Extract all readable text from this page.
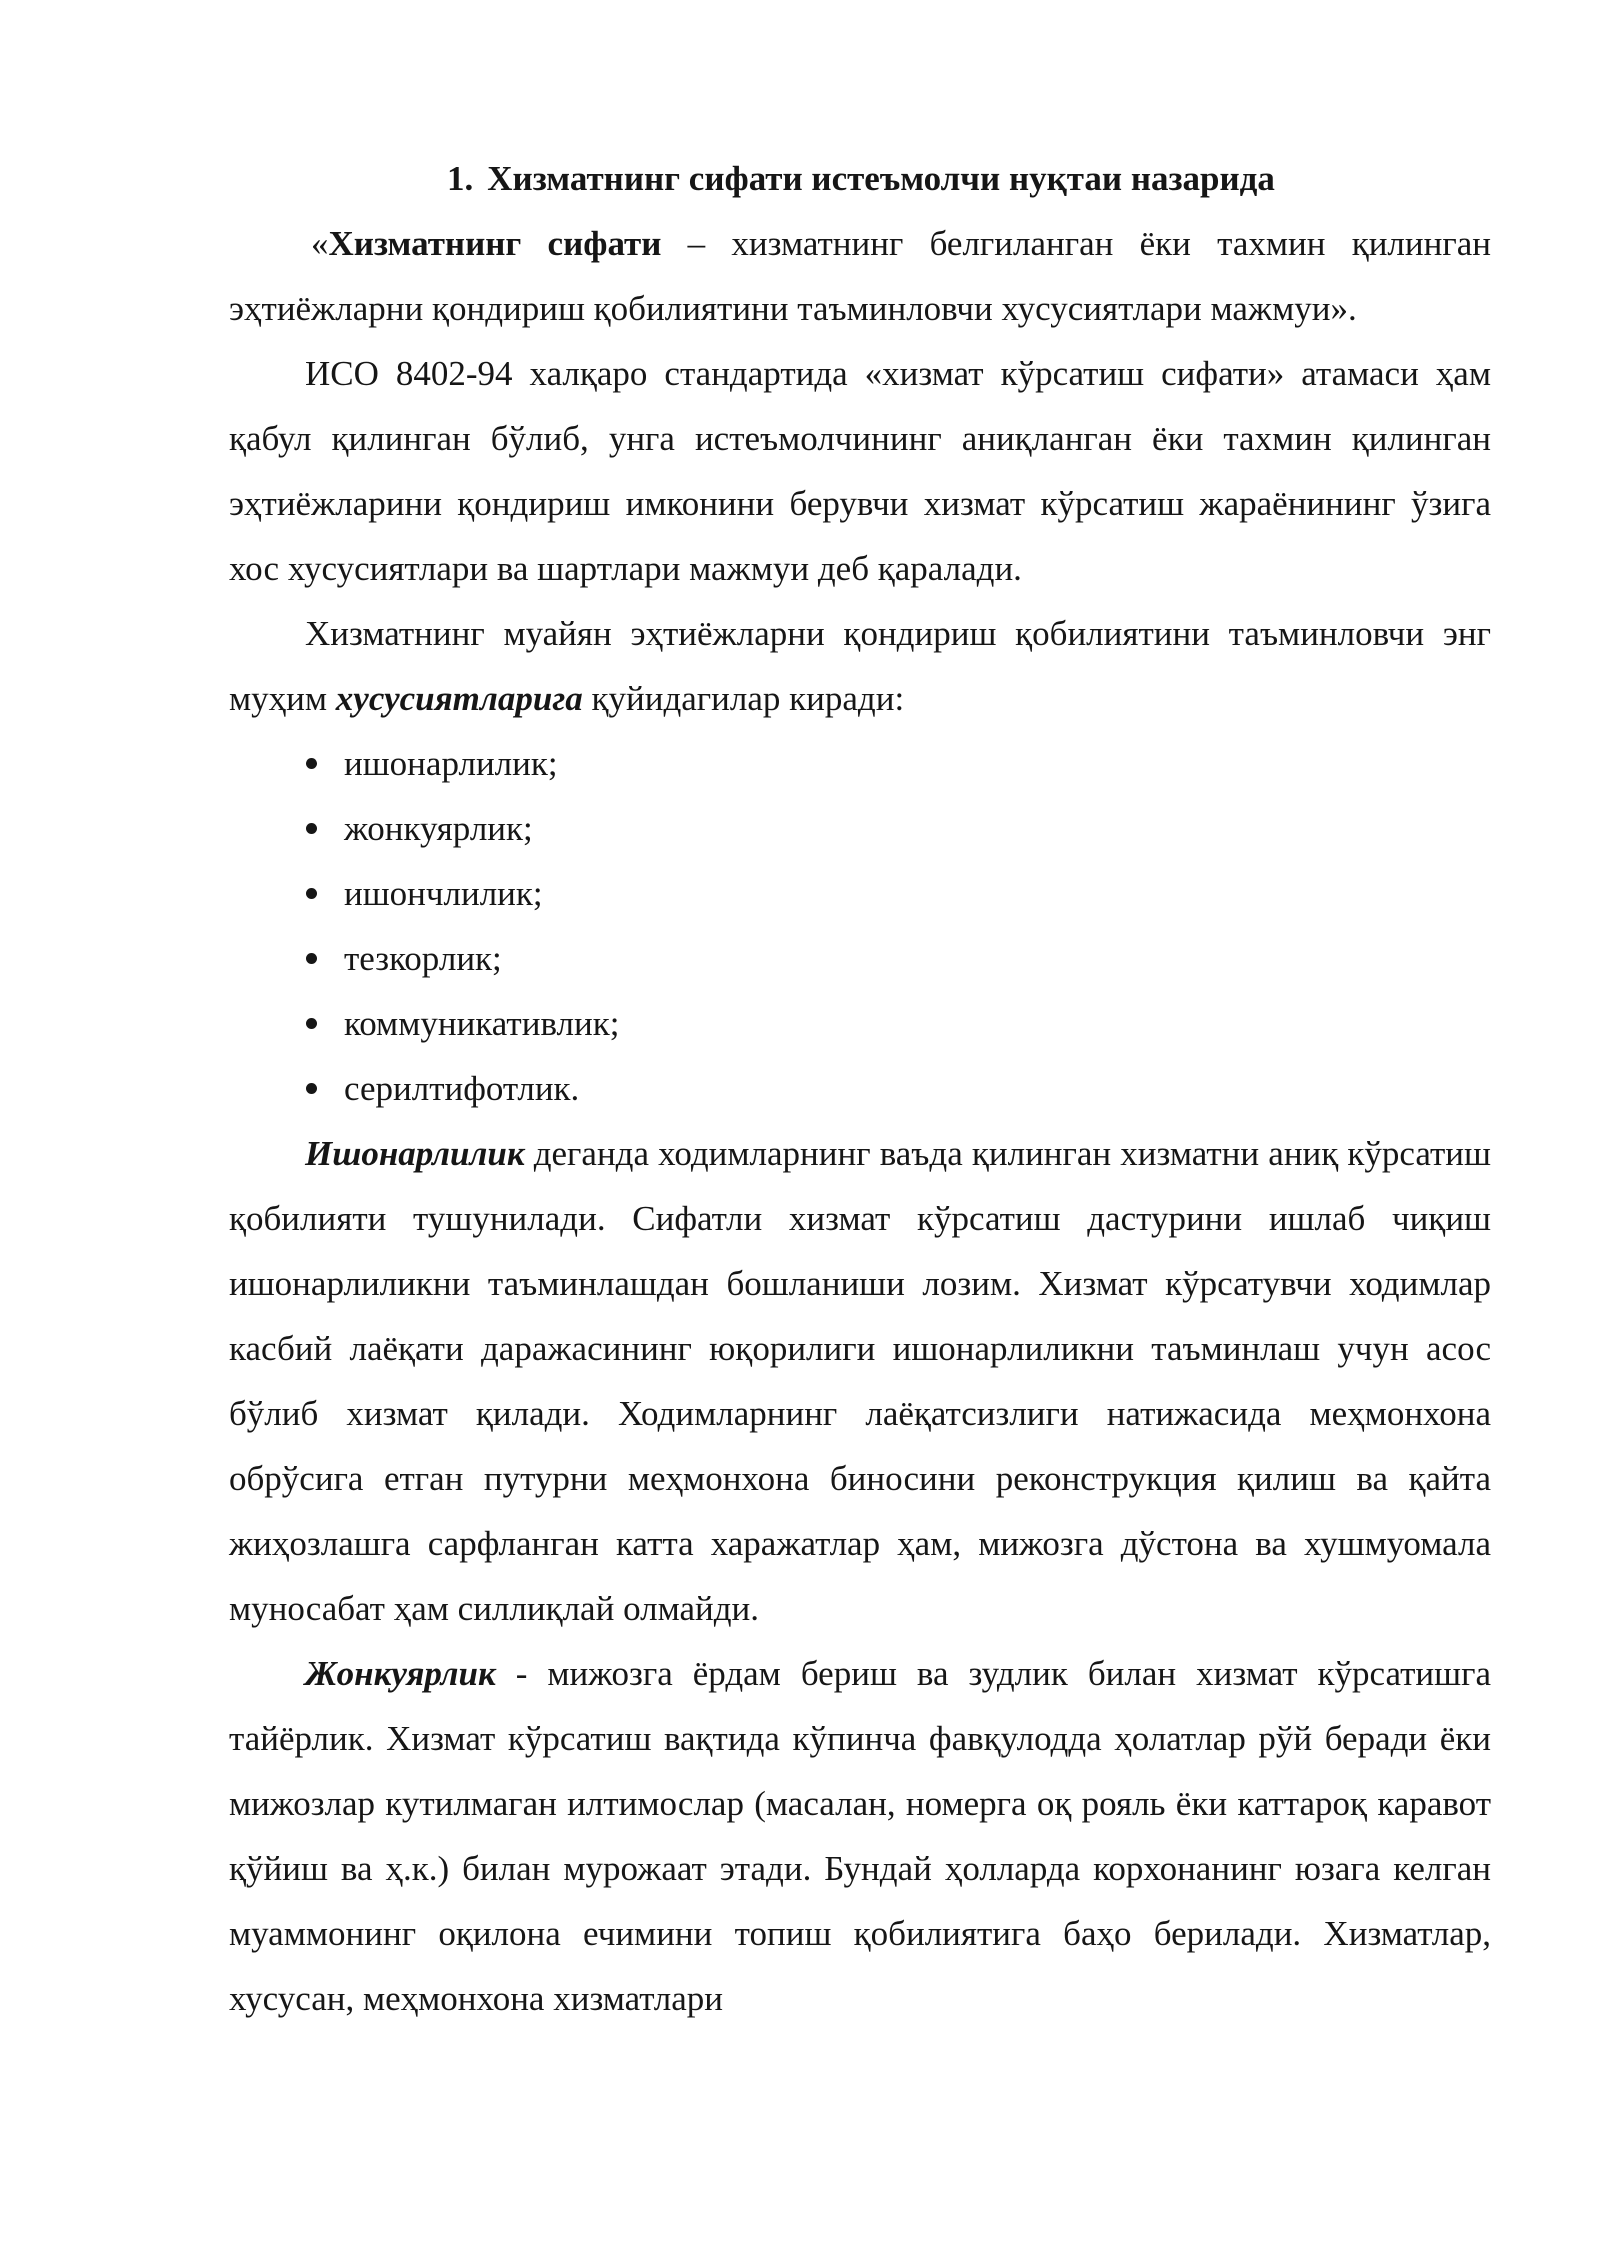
1. Хизматнинг сифати истеъмолчи нуқтаи назарида

«Хизматнинг сифати – хизматнинг белгиланган ёки тахмин қилинган эҳтиёжларни қондириш қобилиятини таъминловчи хусусиятлари мажмуи».

ИСО 8402-94 халқаро стандартида «хизмат кўрсатиш сифати» атамаси ҳам қабул қилинган бўлиб, унга истеъмолчининг аниқланган ёки тахмин қилинган эҳтиёжларини қондириш имконини берувчи хизмат кўрсатиш жараёнининг ўзига хос хусусиятлари ва шартлари мажмуи деб қаралади.

Хизматнинг муайян эҳтиёжларни қондириш қобилиятини таъминловчи энг муҳим хусусиятларига қуйидагилар киради:

ишонарлилик;
жонкуярлик;
ишончлилик;
тезкорлик;
коммуникативлик;
серилтифотлик.

Ишонарлилик деганда ходимларнинг ваъда қилинган хизматни аниқ кўрсатиш қобилияти тушунилади. Сифатли хизмат кўрсатиш дастурини ишлаб чиқиш ишонарлиликни таъминлашдан бошланиши лозим. Хизмат кўрсатувчи ходимлар касбий лаёқати даражасининг юқорилиги ишонарлиликни таъминлаш учун асос бўлиб хизмат қилади. Ходимларнинг лаёқатсизлиги натижасида меҳмонхона обрўсига етган путурни меҳмонхона биносини реконструкция қилиш ва қайта жиҳозлашга сарфланган катта харажатлар ҳам, мижозга дўстона ва хушмуомала муносабат ҳам силлиқлай олмайди.

Жонкуярлик - мижозга ёрдам бериш ва зудлик билан хизмат кўрсатишга тайёрлик. Хизмат кўрсатиш вақтида кўпинча фавқулодда ҳолатлар рўй беради ёки мижозлар кутилмаган илтимослар (масалан, номерга оқ рояль ёки каттароқ каравот қўйиш ва ҳ.к.) билан мурожаат этади. Бундай ҳолларда корхонанинг юзага келган муаммонинг оқилона ечимини топиш қобилиятига баҳо берилади. Хизматлар, хусусан, меҳмонхона хизматлари
